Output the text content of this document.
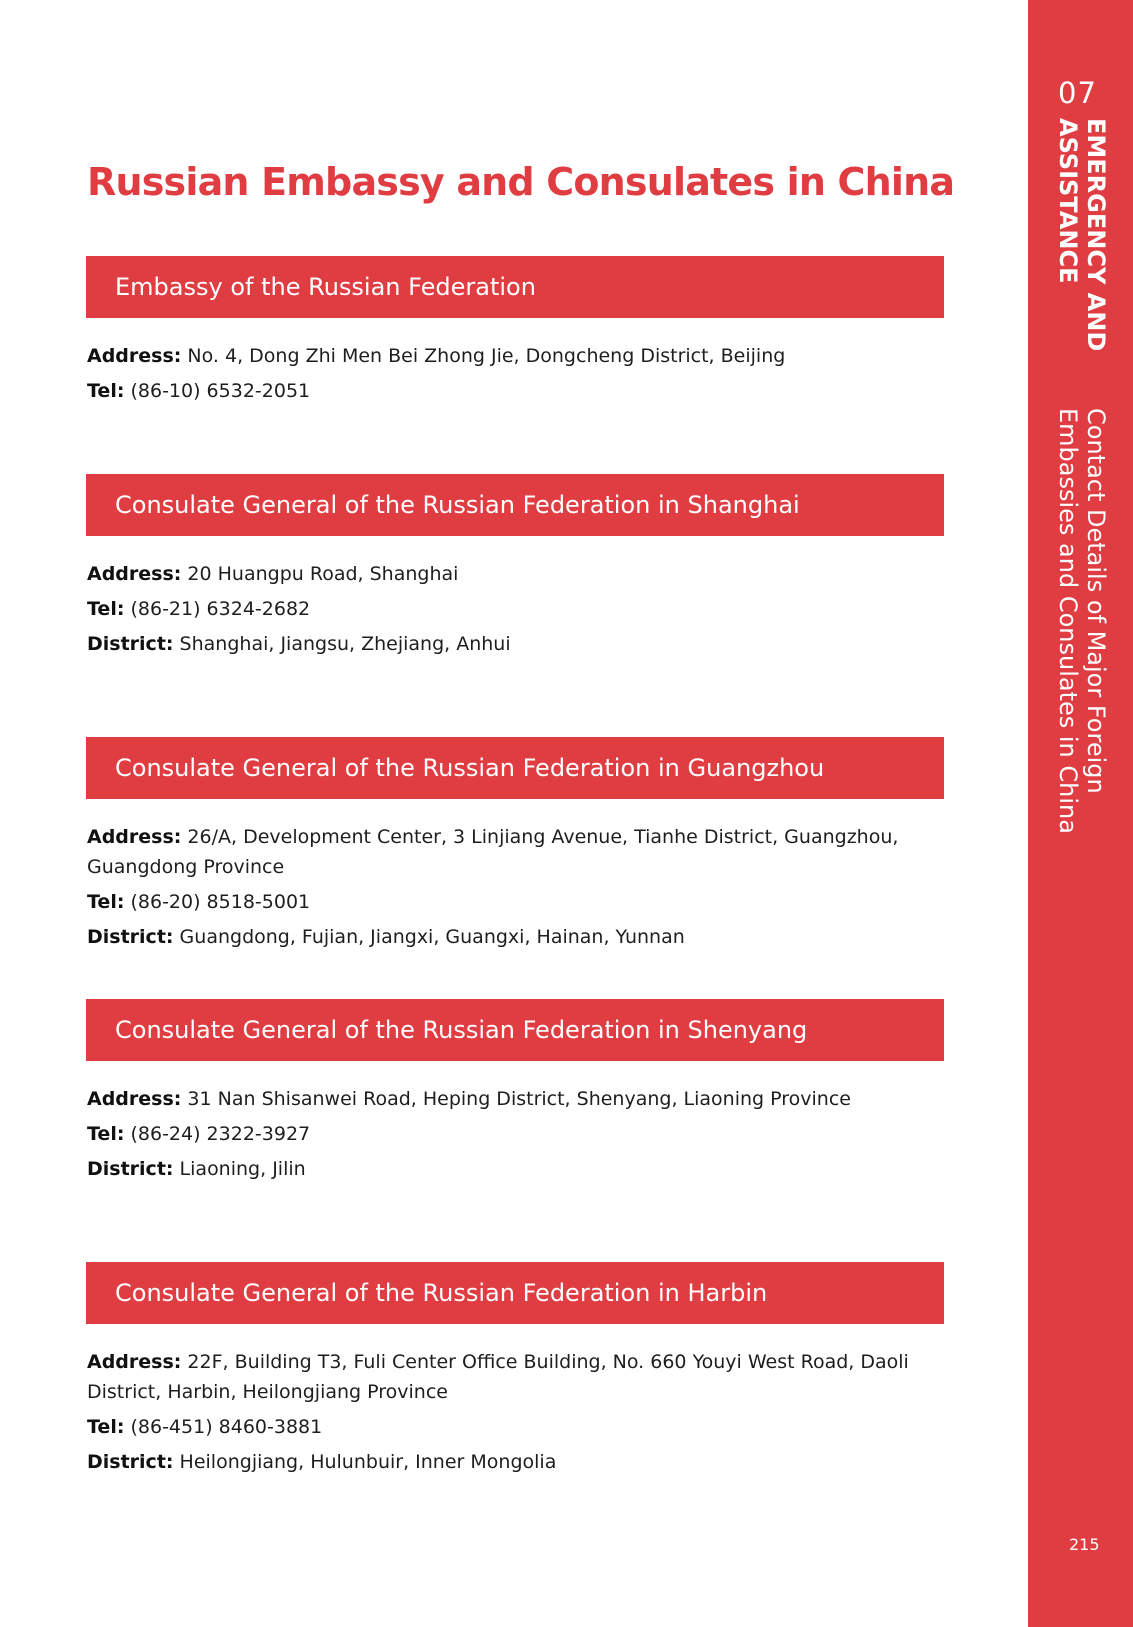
Russian Embassy and Consulates in China
Embassy of the Russian Federation

Address: No. 4, Dong Zhi Men Bei Zhong Jie, Dongcheng District, Beijing

Tel: (86-10) 6532-2051

Consulate General of the Russian Federation in Shanghai

Address: 20 Huangpu Road, Shanghai

Tel: (86-21) 6324-2682

District: Shanghai, Jiangsu, Zhejiang, Anhui

Consulate General of the Russian Federation in Guangzhou

Address: 26/A, Development Center, 3 Linjiang Avenue, Tianhe District, Guangzhou, Guangdong Province

Tel: (86-20) 8518-5001

District: Guangdong, Fujian, Jiangxi, Guangxi, Hainan, Yunnan

Consulate General of the Russian Federation in Shenyang

Address: 31 Nan Shisanwei Road, Heping District, Shenyang, Liaoning Province

Tel: (86-24) 2322-3927

District: Liaoning, Jilin

Consulate General of the Russian Federation in Harbin

Address: 22F, Building T3, Fuli Center Office Building, No. 660 Youyi West Road, Daoli District, Harbin, Heilongjiang Province

Tel: (86-451) 8460-3881

District: Heilongjiang, Hulunbuir, Inner Mongolia

07
EMERGENCY AND
ASSISTANCE
Contact Details of Major Foreign
Embassies and Consulates in China
215
